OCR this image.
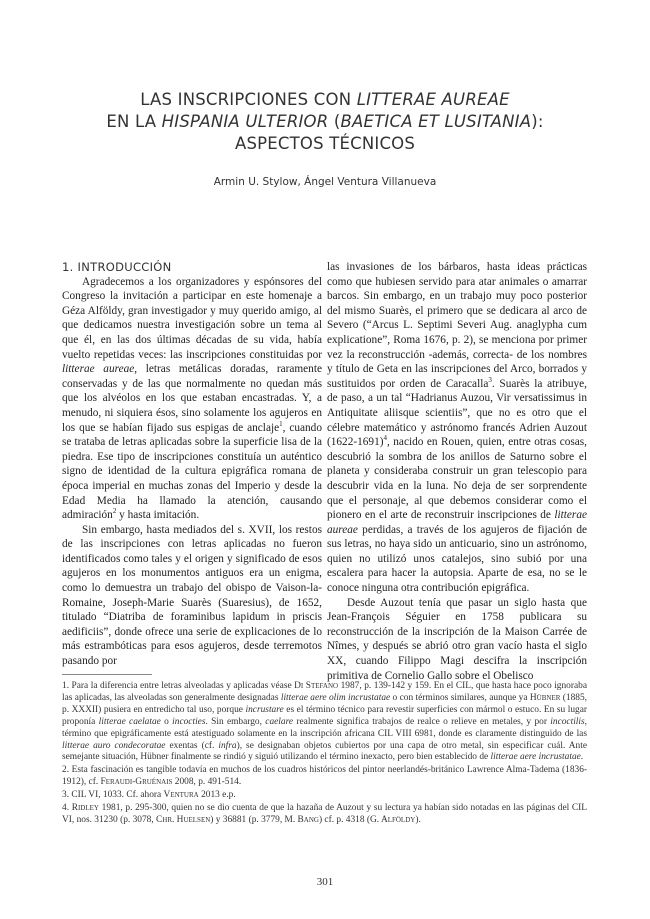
LAS INSCRIPCIONES CON LITTERAE AUREAE
EN LA HISPANIA ULTERIOR (BAETICA ET LUSITANIA):
ASPECTOS TÉCNICOS
Armin U. Stylow, Ángel Ventura Villanueva

1. INTRODUCCIÓN

Agradecemos a los organizadores y espónsores del Congreso la invitación a participar en este homenaje a Géza Alföldy, gran investigador y muy querido amigo, al que dedicamos nuestra investigación sobre un tema al que él, en las dos últimas décadas de su vida, había vuelto repetidas veces: las inscripciones constituidas por litterae aureae, letras metálicas doradas, raramente conservadas y de las que normalmente no quedan más que los alvéolos en los que estaban encastradas. Y, a menudo, ni siquiera ésos, sino solamente los agujeros en los que se habían fijado sus espigas de anclaje$^1$, cuando se trataba de letras aplicadas sobre la superficie lisa de la piedra. Ese tipo de inscripciones constituía un auténtico signo de identidad de la cultura epigráfica romana de época imperial en muchas zonas del Imperio y desde la Edad Media ha llamado la atención, causando admiración$^2$ y hasta imitación.

Sin embargo, hasta mediados del s. XVII, los restos de las inscripciones con letras aplicadas no fueron identificados como tales y el origen y significado de esos agujeros en los monumentos antiguos era un enigma, como lo demuestra un trabajo del obispo de Vaison-la-Romaine, Joseph-Marie Suarès (Suaresius), de 1652, titulado “Diatriba de foraminibus lapidum in priscis aedificiis”, donde ofrece una serie de explicaciones de lo más estrambóticas para esos agujeros, desde terremotos pasando por

las invasiones de los bárbaros, hasta ideas prácticas como que hubiesen servido para atar animales o amarrar barcos. Sin embargo, en un trabajo muy poco posterior del mismo Suarès, el primero que se dedicara al arco de Severo (“Arcus L. Septimi Severi Aug. anaglypha cum explicatione”, Roma 1676, p. 2), se menciona por primer vez la reconstrucción -además, correcta- de los nombres y título de Geta en las inscripciones del Arco, borrados y sustituidos por orden de Caracalla$^3$. Suarès la atribuye, de paso, a un tal “Hadrianus Auzou, Vir versatissimus in Antiquitate aliisque scientiis”, que no es otro que el célebre matemático y astrónomo francés Adrien Auzout (1622-1691)$^4$, nacido en Rouen, quien, entre otras cosas, descubrió la sombra de los anillos de Saturno sobre el planeta y consideraba construir un gran telescopio para descubrir vida en la luna. No deja de ser sorprendente que el personaje, al que debemos considerar como el pionero en el arte de reconstruir inscripciones de litterae aureae perdidas, a través de los agujeros de fijación de sus letras, no haya sido un anticuario, sino un astrónomo, quien no utilizó unos catalejos, sino subió por una escalera para hacer la autopsia. Aparte de esa, no se le conoce ninguna otra contribución epigráfica.

Desde Auzout tenía que pasar un siglo hasta que Jean-François Séguier en 1758 publicara su reconstrucción de la inscripción de la Maison Carrée de Nîmes, y después se abrió otro gran vacío hasta el siglo XX, cuando Filippo Magi descifra la inscripción primitiva de Cornelio Gallo sobre el Obelisco

1. Para la diferencia entre letras alveoladas y aplicadas véase Di Stefano 1987, p. 139-142 y 159. En el CIL, que hasta hace poco ignoraba las aplicadas, las alveoladas son generalmente designadas litterae aere olim incrustatae o con términos similares, aunque ya Hübner (1885, p. XXXII) pusiera en entredicho tal uso, porque incrustare es el término técnico para revestir superficies con mármol o estuco. En su lugar proponía litterae caelatae o incocties. Sin embargo, caelare realmente significa trabajos de realce o relieve en metales, y por incoctilis, término que epigráficamente está atestiguado solamente en la inscripción africana CIL VIII 6981, donde es claramente distinguido de las litterae auro condecoratae exentas (cf. infra), se designaban objetos cubiertos por una capa de otro metal, sin especificar cuál. Ante semejante situación, Hübner finalmente se rindió y siguió utilizando el término inexacto, pero bien establecido de litterae aere incrustatae.

2. Esta fascinación es tangible todavía en muchos de los cuadros históricos del pintor neerlandés-británico Lawrence Alma-Tadema (1836-1912), cf. Feraudi-Gruénais 2008, p. 491-514.

3. CIL VI, 1033. Cf. ahora Ventura 2013 e.p.

4. Ridley 1981, p. 295-300, quien no se dio cuenta de que la hazaña de Auzout y su lectura ya habían sido notadas en las páginas del CIL VI, nos. 31230 (p. 3078, Chr. Huelsen) y 36881 (p. 3779, M. Bang) cf. p. 4318 (G. Alföldy).

301
